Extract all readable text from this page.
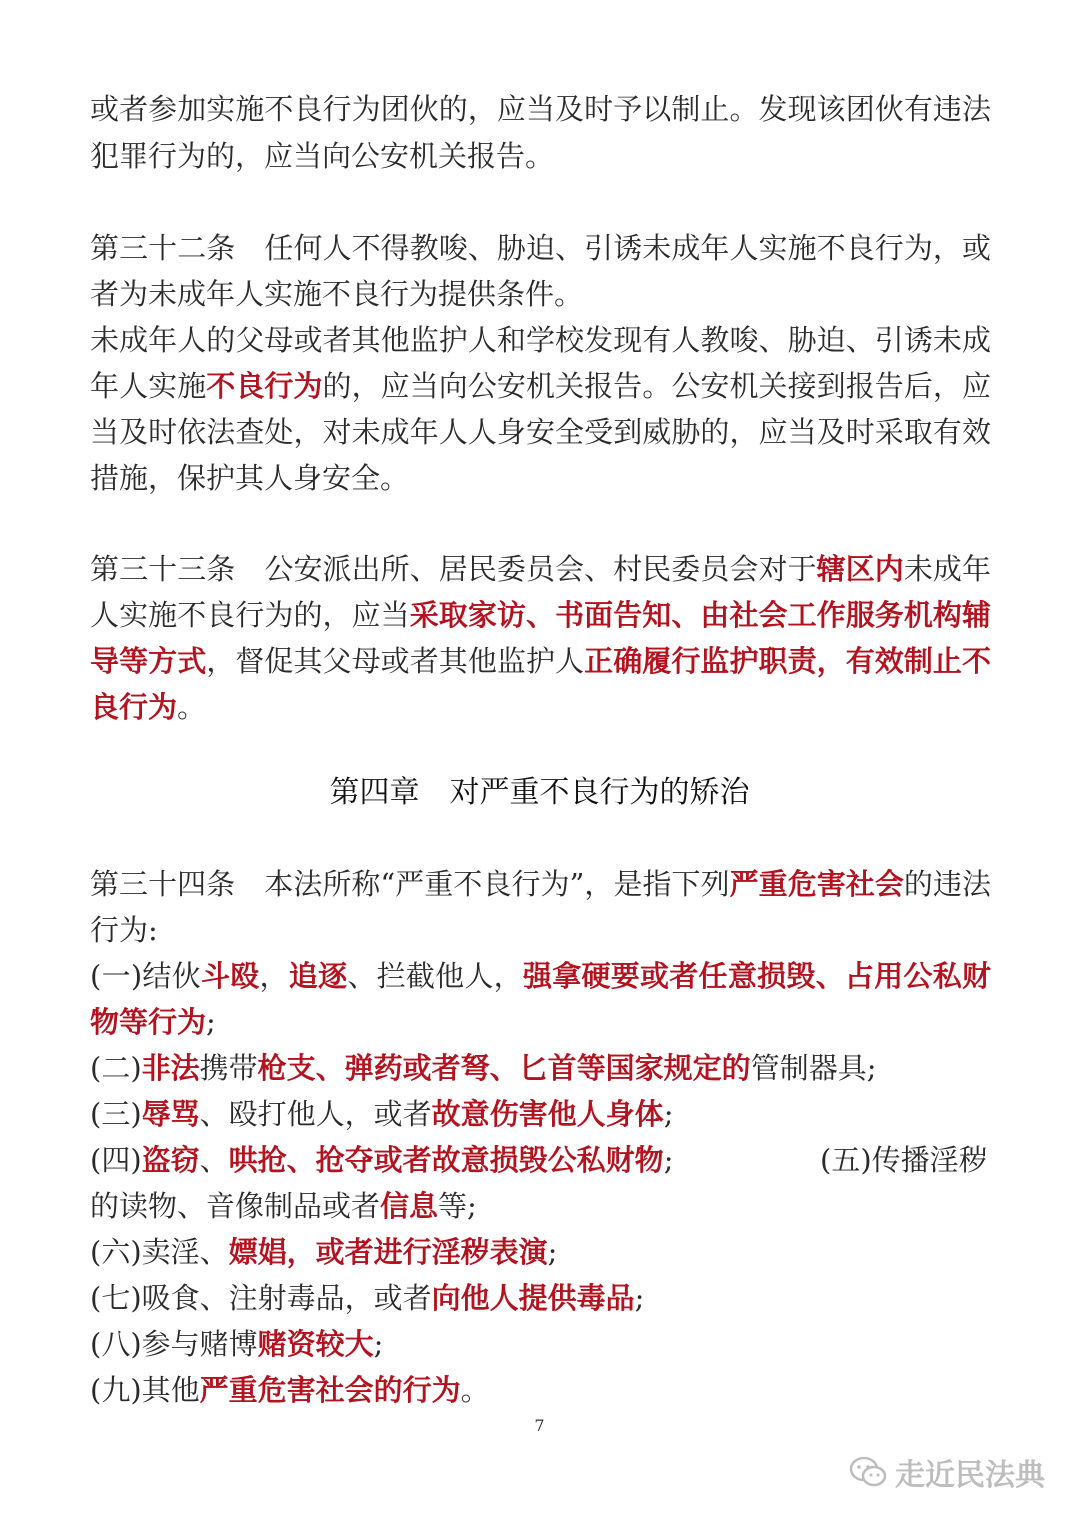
或者参加实施不良行为团伙的，应当及时予以制止。发现该团伙有违法
犯罪行为的，应当向公安机关报告。
第三十二条　任何人不得教唆、胁迫、引诱未成年人实施不良行为，或
者为未成年人实施不良行为提供条件。
未成年人的父母或者其他监护人和学校发现有人教唆、胁迫、引诱未成
年人实施不良行为的，应当向公安机关报告。公安机关接到报告后，应
当及时依法查处，对未成年人人身安全受到威胁的，应当及时采取有效
措施，保护其人身安全。
第三十三条　公安派出所、居民委员会、村民委员会对于辖区内未成年
人实施不良行为的，应当采取家访、书面告知、由社会工作服务机构辅
导等方式，督促其父母或者其他监护人正确履行监护职责，有效制止不
良行为。
第四章　对严重不良行为的矫治
第三十四条　本法所称“严重不良行为”，是指下列严重危害社会的违法
行为:
(一)结伙斗殴，追逐、拦截他人，强拿硬要或者任意损毁、占用公私财
物等行为;
(二)非法携带枪支、弹药或者弩、匕首等国家规定的管制器具;
(三)辱骂、殴打他人，或者故意伤害他人身体;
(四)盗窃、哄抢、抢夺或者故意损毁公私财物;	(五)传播淫秽
的读物、音像制品或者信息等;
(六)卖淫、嫖娼，或者进行淫秽表演;
(七)吸食、注射毒品，或者向他人提供毒品;
(八)参与赌博赌资较大;
(九)其他严重危害社会的行为。
7
走近民法典
